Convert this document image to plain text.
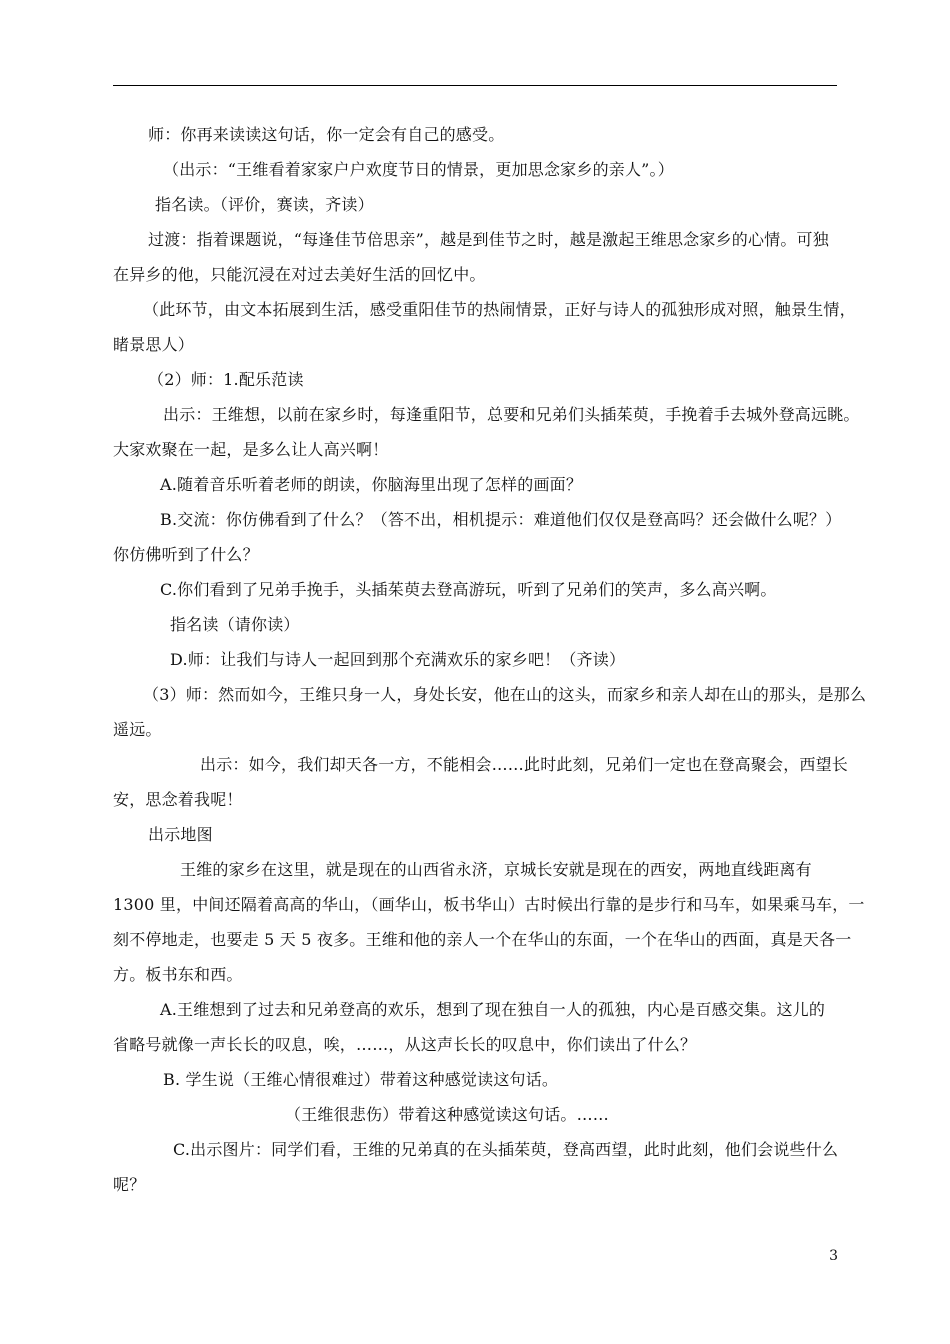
师：你再来读读这句话，你一定会有自己的感受。
（出示：“王维看着家家户户欢度节日的情景，更加思念家乡的亲人”。）
指名读。（评价，赛读，齐读）
过渡：指着课题说，“每逢佳节倍思亲”，越是到佳节之时，越是激起王维思念家乡的心情。可独
在异乡的他，只能沉浸在对过去美好生活的回忆中。
（此环节，由文本拓展到生活，感受重阳佳节的热闹情景，正好与诗人的孤独形成对照，触景生情，
睹景思人）
（2）师：1.配乐范读
出示：王维想，以前在家乡时，每逢重阳节，总要和兄弟们头插茱萸，手挽着手去城外登高远眺。
大家欢聚在一起，是多么让人高兴啊！
A.随着音乐听着老师的朗读，你脑海里出现了怎样的画面？
B.交流：你仿佛看到了什么？（答不出，相机提示：难道他们仅仅是登高吗？还会做什么呢？）
你仿佛听到了什么？
C.你们看到了兄弟手挽手，头插茱萸去登高游玩，听到了兄弟们的笑声，多么高兴啊。
指名读（请你读）
D.师：让我们与诗人一起回到那个充满欢乐的家乡吧！（齐读）
（3）师：然而如今，王维只身一人，身处长安，他在山的这头，而家乡和亲人却在山的那头，是那么
遥远。
出示：如今，我们却天各一方，不能相会……此时此刻，兄弟们一定也在登高聚会，西望长
安，思念着我呢！
出示地图
王维的家乡在这里，就是现在的山西省永济，京城长安就是现在的西安，两地直线距离有
1300 里，中间还隔着高高的华山，（画华山，板书华山）古时候出行靠的是步行和马车，如果乘马车，一
刻不停地走，也要走 5 天 5 夜多。王维和他的亲人一个在华山的东面，一个在华山的西面，真是天各一
方。板书东和西。
A.王维想到了过去和兄弟登高的欢乐，想到了现在独自一人的孤独，内心是百感交集。这儿的
省略号就像一声长长的叹息，唉，……，从这声长长的叹息中，你们读出了什么？
B. 学生说（王维心情很难过）带着这种感觉读这句话。
（王维很悲伤）带着这种感觉读这句话。……
C.出示图片：同学们看，王维的兄弟真的在头插茱萸，登高西望，此时此刻，他们会说些什么
呢？
3
